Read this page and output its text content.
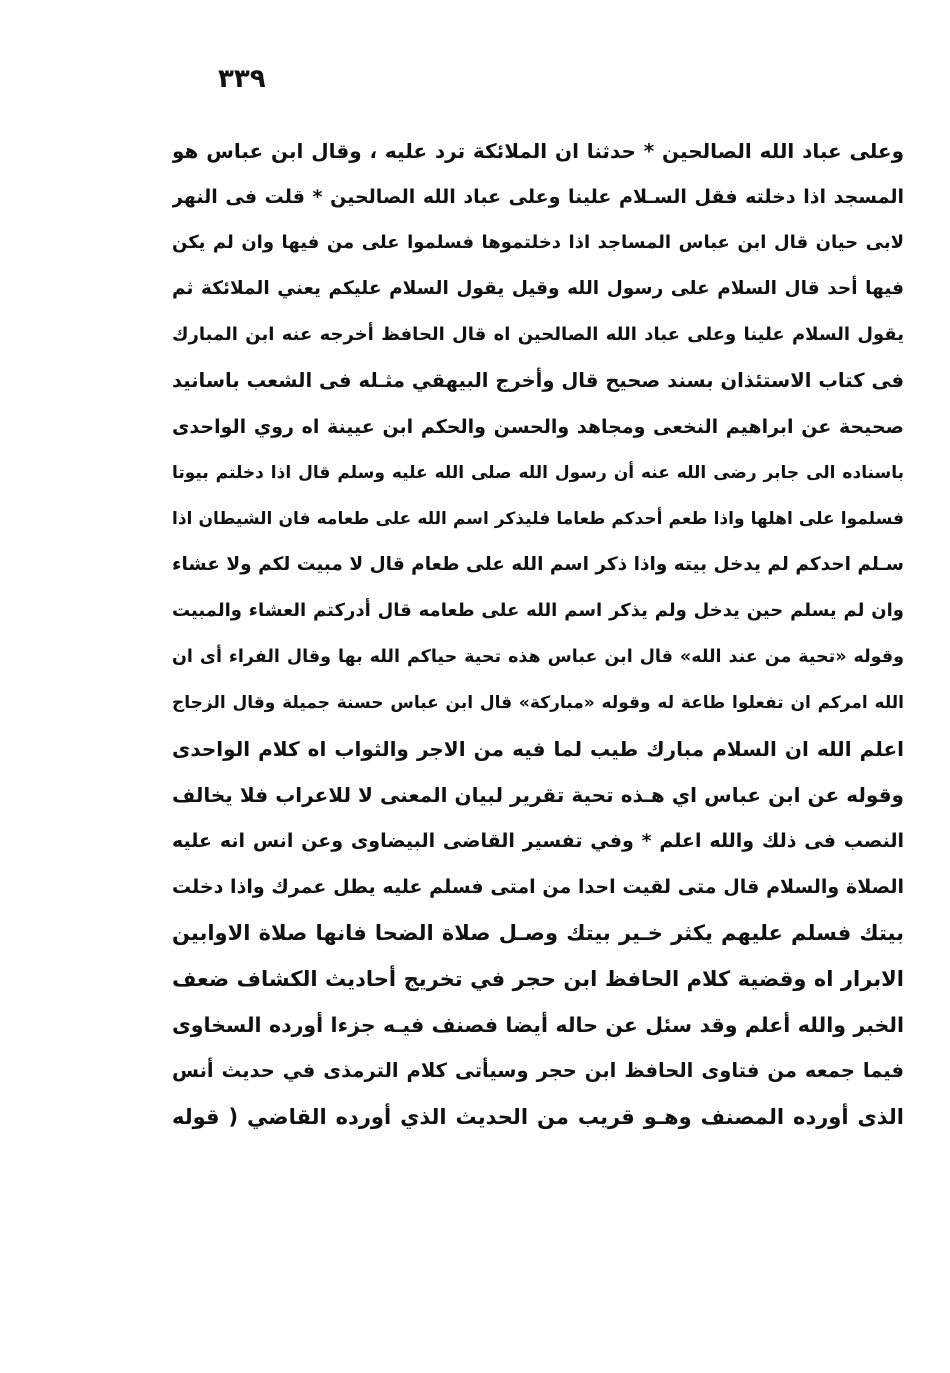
٣٣٩
وعلى عباد الله الصالحين * حدثنا ان الملائكة ترد عليه ، وقال ابن عباس هو
المسجد اذا دخلته فقل السـلام علينا وعلى عباد الله الصالحين * قلت فى النهر
لابى حيان قال ابن عباس المساجد اذا دخلتموها فسلموا على من فيها وان لم يكن
فيها أحد قال السلام على رسول الله وقيل يقول السلام عليكم يعني الملائكة ثم
يقول السلام علينا وعلى عباد الله الصالحين اه قال الحافظ أخرجه عنه ابن المبارك
فى كتاب الاستئذان بسند صحيح قال وأخرج البيهقي مثـله فى الشعب باسانيد
صحيحة عن ابراهيم النخعى ومجاهد والحسن والحكم ابن عيينة اه روي الواحدى
باسناده الى جابر رضى الله عنه أن رسول الله صلى الله عليه وسلم قال اذا دخلتم بيوتا
فسلموا على اهلها واذا طعم أحدكم طعاما فليذكر اسم الله على طعامه فان الشيطان اذا
سـلم احدكم لم يدخل بيته واذا ذكر اسم الله على طعام قال لا مبيت لكم ولا عشاء
وان لم يسلم حين يدخل ولم يذكر اسم الله على طعامه قال أدركتم العشاء والمبيت
وقوله «تحية من عند الله» قال ابن عباس هذه تحية حياكم الله بها وقال الفراء أى ان
الله امركم ان تفعلوا طاعة له وقوله «مباركة» قال ابن عباس حسنة جميلة وقال الزجاج
اعلم الله ان السلام مبارك طيب لما فيه من الاجر والثواب اه كلام الواحدى
وقوله عن ابن عباس اي هـذه تحية تقرير لبيان المعنى لا للاعراب فلا يخالف
النصب فى ذلك والله اعلم * وفي تفسير القاضى البيضاوى وعن انس انه عليه
الصلاة والسلام قال متى لقيت احدا من امتى فسلم عليه يطل عمرك واذا دخلت
بيتك فسلم عليهم يكثر خـير بيتك وصـل صلاة الضحا فانها صلاة الاوابين
الابرار اه وقضية كلام الحافظ ابن حجر في تخريج أحاديث الكشاف ضعف
الخبر والله أعلم وقد سئل عن حاله أيضا فصنف فيـه جزءا أورده السخاوى
فيما جمعه من فتاوى الحافظ ابن حجر وسيأتى كلام الترمذى في حديث أنس
الذى أورده المصنف وهـو قريب من الحديث الذي أورده القاضي ( قوله
